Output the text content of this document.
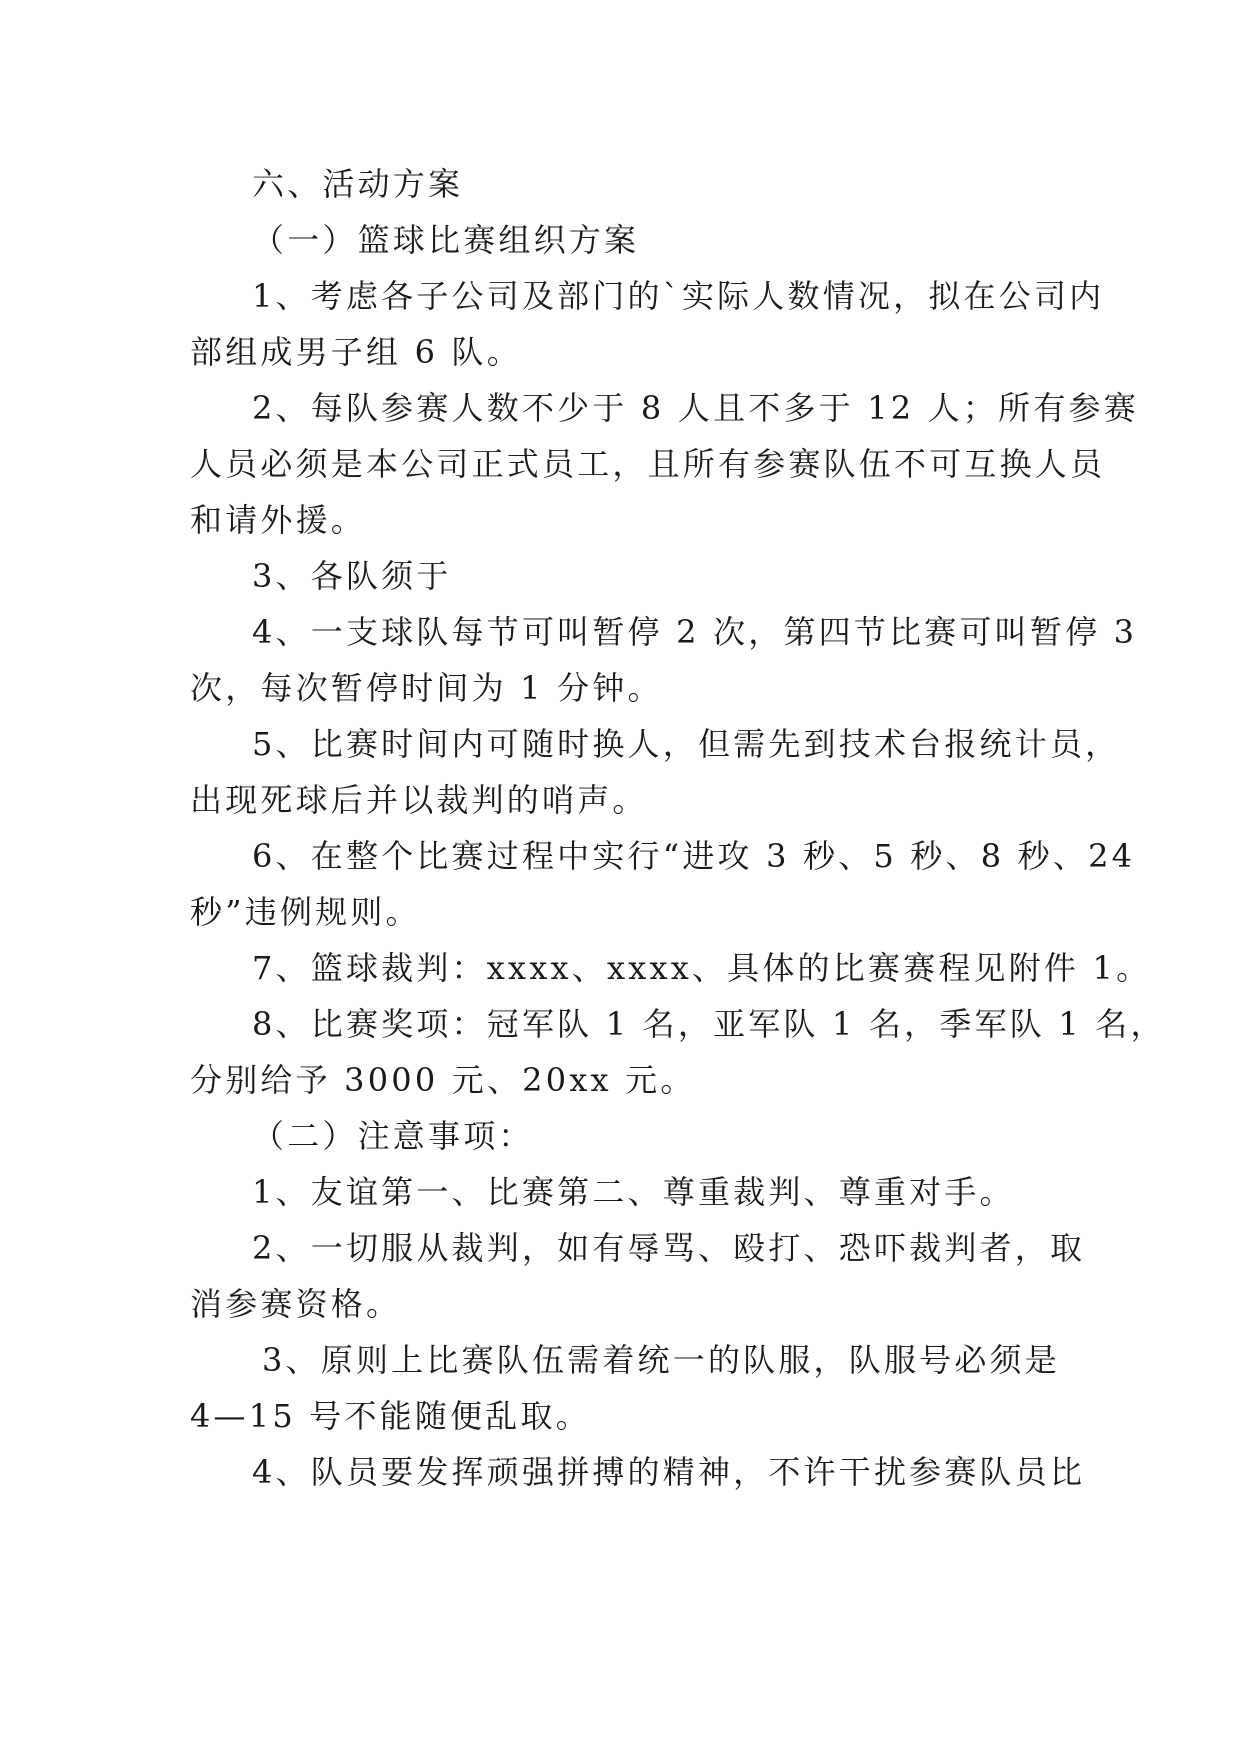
六、活动方案
（一）篮球比赛组织方案
1、考虑各子公司及部门的`实际人数情况，拟在公司内
部组成男子组 6 队。
2、每队参赛人数不少于 8 人且不多于 12 人；所有参赛
人员必须是本公司正式员工，且所有参赛队伍不可互换人员
和请外援。
3、各队须于
4、一支球队每节可叫暂停 2 次，第四节比赛可叫暂停 3
次，每次暂停时间为 1 分钟。
5、比赛时间内可随时换人，但需先到技术台报统计员，
出现死球后并以裁判的哨声。
6、在整个比赛过程中实行“进攻 3 秒、5 秒、8 秒、24
秒”违例规则。
7、篮球裁判：xxxx、xxxx、具体的比赛赛程见附件 1。
8、比赛奖项：冠军队 1 名，亚军队 1 名，季军队 1 名，
分别给予 3000 元、20xx 元。
（二）注意事项：
1、友谊第一、比赛第二、尊重裁判、尊重对手。
2、一切服从裁判，如有辱骂、殴打、恐吓裁判者，取
消参赛资格。
3、原则上比赛队伍需着统一的队服，队服号必须是
4—15 号不能随便乱取。
4、队员要发挥顽强拼搏的精神，不许干扰参赛队员比
